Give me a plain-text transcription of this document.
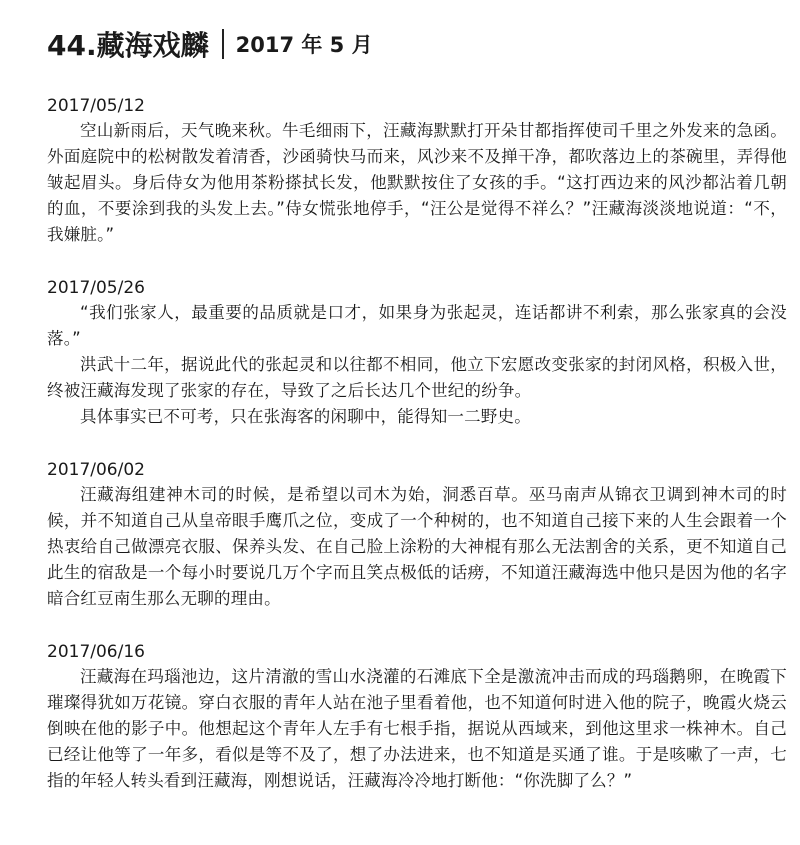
44.藏海戏麟 2017 年 5 月
2017/05/12

空山新雨后，天气晚来秋。牛毛细雨下，汪藏海默默打开朵甘都指挥使司千里之外发来的急函。外面庭院中的松树散发着清香，沙函骑快马而来，风沙来不及掸干净，都吹落边上的茶碗里，弄得他皱起眉头。身后侍女为他用茶粉搽拭长发，他默默按住了女孩的手。“这打西边来的风沙都沾着几朝的血，不要涂到我的头发上去。”侍女慌张地停手，“汪公是觉得不祥么？”汪藏海淡淡地说道：“不，我嫌脏。”

2017/05/26

“我们张家人，最重要的品质就是口才，如果身为张起灵，连话都讲不利索，那么张家真的会没落。”

洪武十二年，据说此代的张起灵和以往都不相同，他立下宏愿改变张家的封闭风格，积极入世，终被汪藏海发现了张家的存在，导致了之后长达几个世纪的纷争。

具体事实已不可考，只在张海客的闲聊中，能得知一二野史。

2017/06/02

汪藏海组建神木司的时候，是希望以司木为始，洞悉百草。巫马南声从锦衣卫调到神木司的时候，并不知道自己从皇帝眼手鹰爪之位，变成了一个种树的，也不知道自己接下来的人生会跟着一个热衷给自己做漂亮衣服、保养头发、在自己脸上涂粉的大神棍有那么无法割舍的关系，更不知道自己此生的宿敌是一个每小时要说几万个字而且笑点极低的话痨，不知道汪藏海选中他只是因为他的名字暗合红豆南生那么无聊的理由。

2017/06/16

汪藏海在玛瑙池边，这片清澈的雪山水浇灌的石滩底下全是激流冲击而成的玛瑙鹅卵，在晚霞下璀璨得犹如万花镜。穿白衣服的青年人站在池子里看着他，也不知道何时进入他的院子，晚霞火烧云倒映在他的影子中。他想起这个青年人左手有七根手指，据说从西域来，到他这里求一株神木。自己已经让他等了一年多，看似是等不及了，想了办法进来，也不知道是买通了谁。于是咳嗽了一声，七指的年轻人转头看到汪藏海，刚想说话，汪藏海冷冷地打断他：“你洗脚了么？”
